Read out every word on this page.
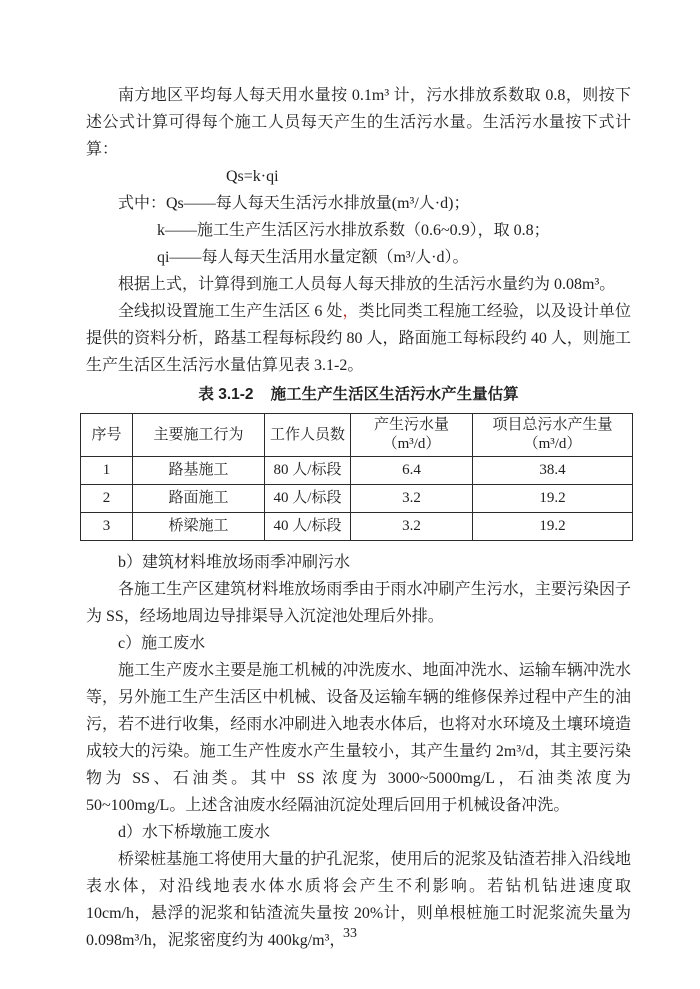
南方地区平均每人每天用水量按 0.1m³ 计，污水排放系数取 0.8，则按下述公式计算可得每个施工人员每天产生的生活污水量。生活污水量按下式计算：

Qs=k·qi

式中：Qs——每人每天生活污水排放量(m³/人·d)；

k——施工生产生活区污水排放系数（0.6~0.9），取 0.8；

qi——每人每天生活用水量定额（m³/人·d）。

根据上式，计算得到施工人员每人每天排放的生活污水量约为 0.08m³。

全线拟设置施工生产生活区 6 处，类比同类工程施工经验，以及设计单位提供的资料分析，路基工程每标段约 80 人，路面施工每标段约 40 人，则施工生产生活区生活污水量估算见表 3.1-2。

表 3.1-2 施工生产生活区生活污水产生量估算

序号	主要施工行为	工作人员数	产生污水量（m³/d）	项目总污水产生量（m³/d）
1	路基施工	80 人/标段	6.4	38.4
2	路面施工	40 人/标段	3.2	19.2
3	桥梁施工	40 人/标段	3.2	19.2

b）建筑材料堆放场雨季冲刷污水

各施工生产区建筑材料堆放场雨季由于雨水冲刷产生污水，主要污染因子为 SS，经场地周边导排渠导入沉淀池处理后外排。

c）施工废水

施工生产废水主要是施工机械的冲洗废水、地面冲洗水、运输车辆冲洗水等，另外施工生产生活区中机械、设备及运输车辆的维修保养过程中产生的油污，若不进行收集，经雨水冲刷进入地表水体后，也将对水环境及土壤环境造成较大的污染。施工生产性废水产生量较小，其产生量约 2m³/d，其主要污染物为 SS、石油类。其中 SS 浓度为 3000~5000mg/L，石油类浓度为 50~100mg/L。上述含油废水经隔油沉淀处理后回用于机械设备冲洗。

d）水下桥墩施工废水

桥梁桩基施工将使用大量的护孔泥浆，使用后的泥浆及钻渣若排入沿线地表水体，对沿线地表水体水质将会产生不利影响。若钻机钻进速度取 10cm/h，悬浮的泥浆和钻渣流失量按 20%计，则单根桩施工时泥浆流失量为 0.098m³/h，泥浆密度约为 400kg/m³，

33
